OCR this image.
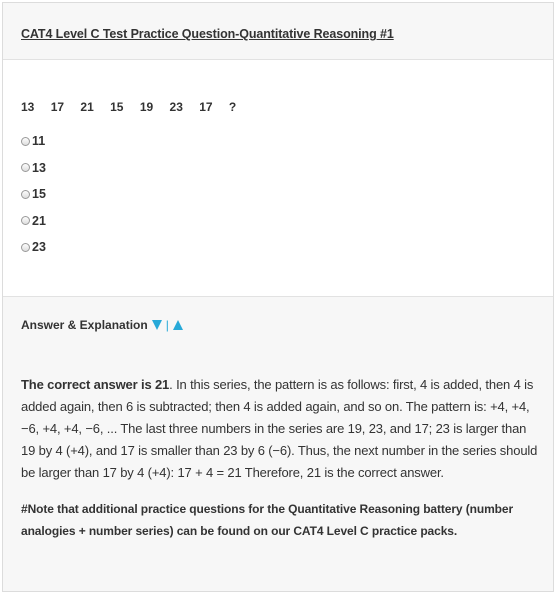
CAT4 Level C Test Practice Question-Quantitative Reasoning #1
13 17 21 15 19 23 17 ?
11
13
15
21
23
Answer & Explanation |
The correct answer is 21. In this series, the pattern is as follows: first, 4 is added, then 4 is added again, then 6 is subtracted; then 4 is added again, and so on. The pattern is: +4, +4, −6, +4, +4, −6, ... The last three numbers in the series are 19, 23, and 17; 23 is larger than 19 by 4 (+4), and 17 is smaller than 23 by 6 (−6). Thus, the next number in the series should be larger than 17 by 4 (+4): 17 + 4 = 21 Therefore, 21 is the correct answer.
#Note that additional practice questions for the Quantitative Reasoning battery (number analogies + number series) can be found on our CAT4 Level C practice packs.
